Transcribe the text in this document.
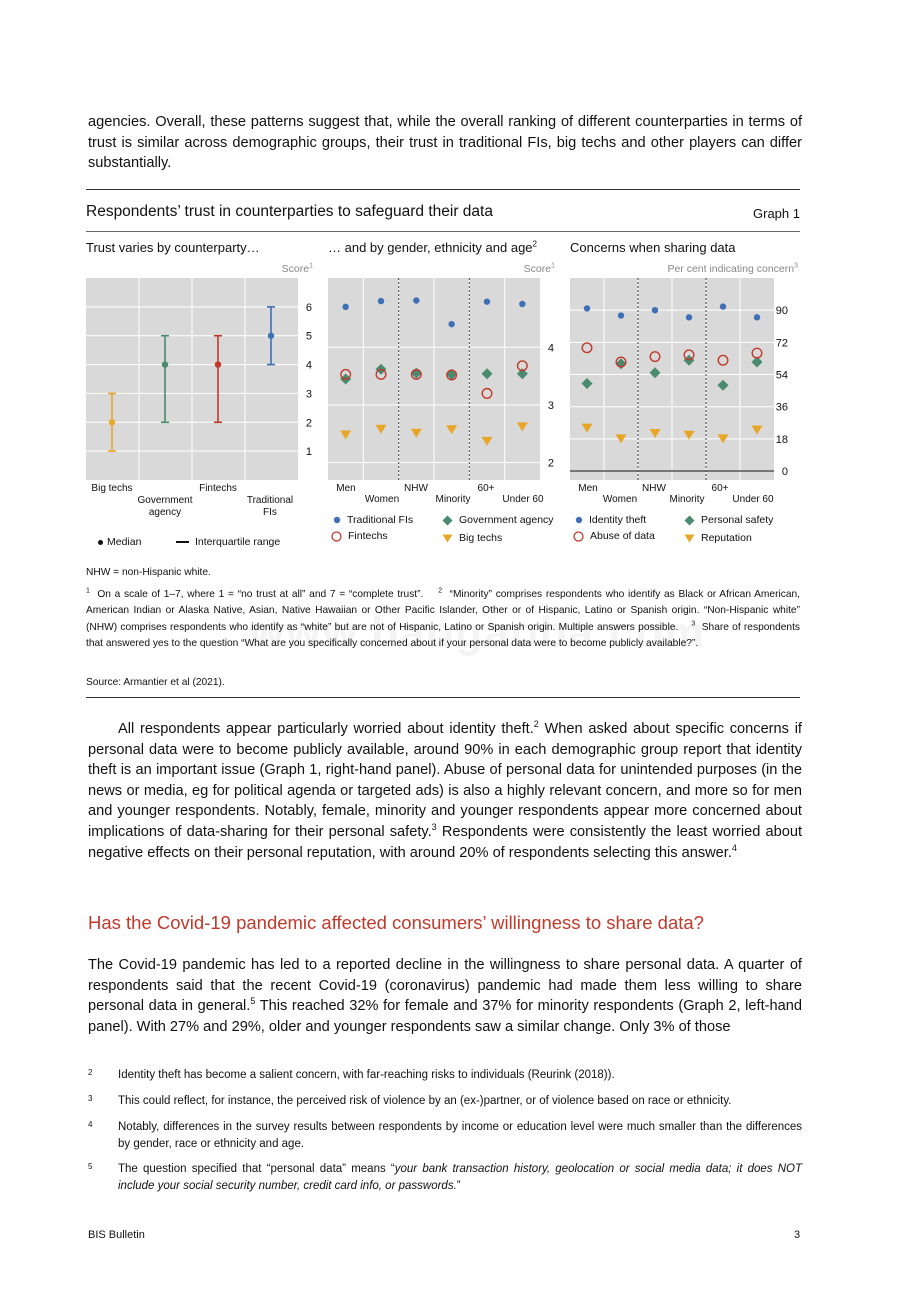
agencies. Overall, these patterns suggest that, while the overall ranking of different counterparties in terms of trust is similar across demographic groups, their trust in traditional FIs, big techs and other players can differ substantially.
Respondents’ trust in counterparties to safeguard their data	Graph 1
Trust varies by counterparty…	… and by gender, ethnicity and age$^2$	Concerns when sharing data
Score$^1$	Score$^1$	Per cent indicating concern$^3$
1
2
3
4
5
6
2
3
4
0
18
36
54
72
90
Big techs
Government agency
Fintechs
Traditional FIs
Men	NHW	60+
Women	Minority	Under 60
Men	NHW	60+
Women	Minority	Under 60
Median	Interquartile range
Traditional FIs	Government agency
Fintechs	Big techs
Identity theft	Personal safety
Abuse of data	Reputation
NHW = non-Hispanic white.
$^1$ On a scale of 1–7, where 1 = “no trust at all” and 7 = “complete trust”. $^2$ “Minority” comprises respondents who identify as Black or African American, American Indian or Alaska Native, Asian, Native Hawaiian or Other Pacific Islander, Other or of Hispanic, Latino or Spanish origin. “Non-Hispanic white” (NHW) comprises respondents who identify as “white” but are not of Hispanic, Latino or Spanish origin. Multiple answers possible. $^3$ Share of respondents that answered yes to the question “What are you specifically concerned about if your personal data were to become publicly available?”.
Source: Armantier et al (2021).
All respondents appear particularly worried about identity theft.$^2$ When asked about specific concerns if personal data were to become publicly available, around 90% in each demographic group report that identity theft is an important issue (Graph 1, right-hand panel). Abuse of personal data for unintended purposes (in the news or media, eg for political agenda or targeted ads) is also a highly relevant concern, and more so for men and younger respondents. Notably, female, minority and younger respondents appear more concerned about implications of data-sharing for their personal safety.$^3$ Respondents were consistently the least worried about negative effects on their personal reputation, with around 20% of respondents selecting this answer.$^4$
Has the Covid-19 pandemic affected consumers’ willingness to share data?
The Covid-19 pandemic has led to a reported decline in the willingness to share personal data. A quarter of respondents said that the recent Covid-19 (coronavirus) pandemic had made them less willing to share personal data in general.$^5$ This reached 32% for female and 37% for minority respondents (Graph 2, left-hand panel). With 27% and 29%, older and younger respondents saw a similar change. Only 3% of those
2 Identity theft has become a salient concern, with far-reaching risks to individuals (Reurink (2018)).
3 This could reflect, for instance, the perceived risk of violence by an (ex-)partner, or of violence based on race or ethnicity.
4 Notably, differences in the survey results between respondents by income or education level were much smaller than the differences by gender, race or ethnicity and age.
5 The question specified that “personal data” means “your bank transaction history, geolocation or social media data; it does NOT include your social security number, credit card info, or passwords.”
BIS Bulletin	3
